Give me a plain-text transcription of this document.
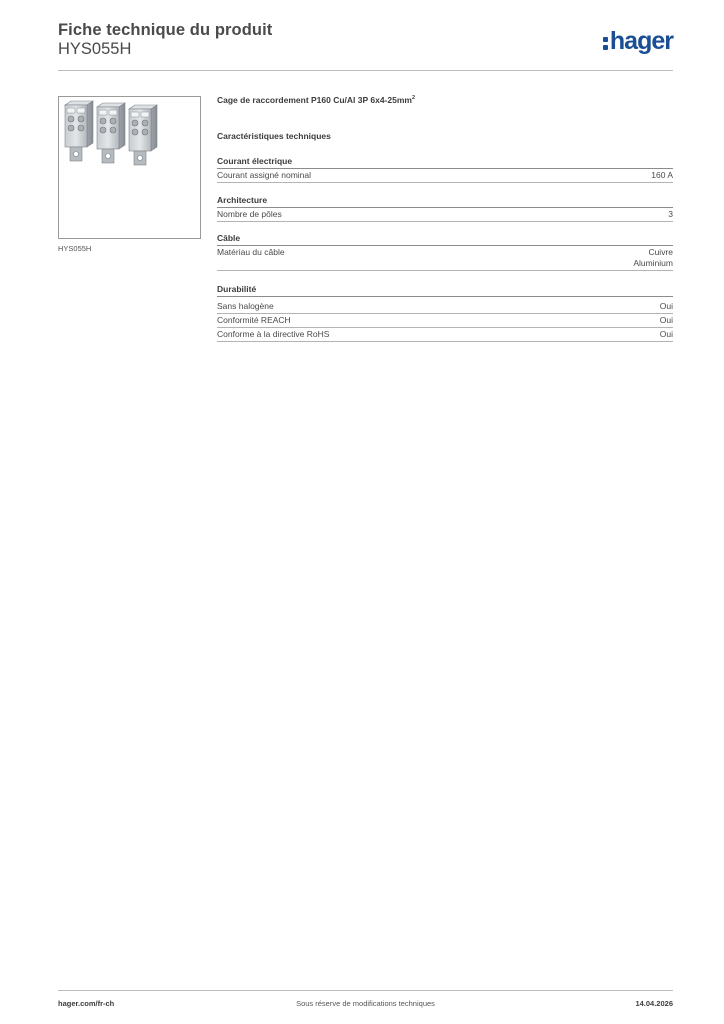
Fiche technique du produit
HYS055H	hager
HYS055H
Cage de raccordement P160 Cu/Al 3P $6x4-25mm^2$
Caractéristiques techniques
Courant électrique
Courant assigné nominal	160 A
Architecture
Nombre de pôles	3
Câble
Matériau du câble	Cuivre
Aluminium
Durabilité
Sans halogène	Oui
Conformité REACH	Oui
Conforme à la directive RoHS	Oui
hager.com/fr-ch	Sous réserve de modifications techniques	14.04.2026
